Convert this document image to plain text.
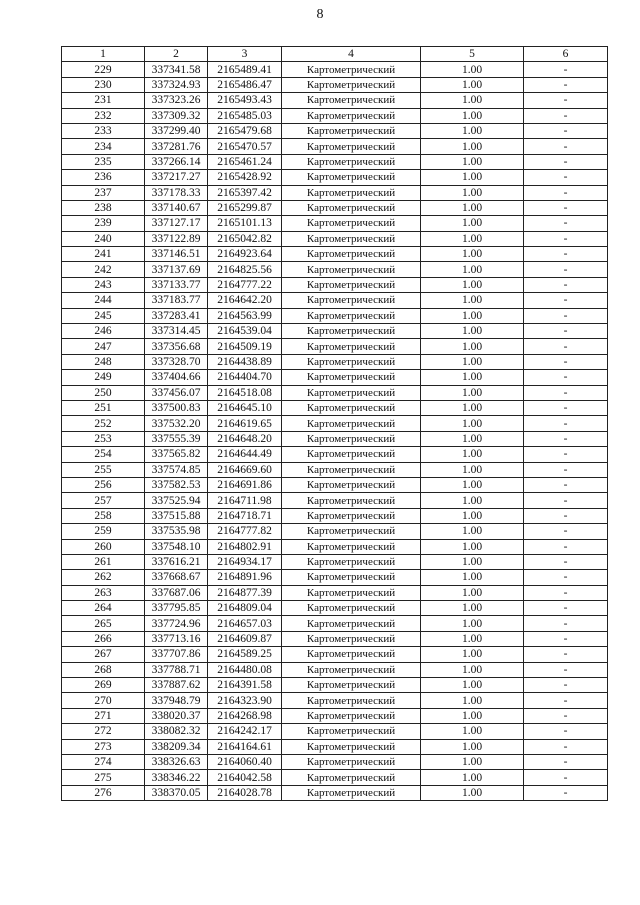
8
1	2	3	4	5	6
229	337341.58	2165489.41	Картометрический	1.00	-
230	337324.93	2165486.47	Картометрический	1.00	-
231	337323.26	2165493.43	Картометрический	1.00	-
232	337309.32	2165485.03	Картометрический	1.00	-
233	337299.40	2165479.68	Картометрический	1.00	-
234	337281.76	2165470.57	Картометрический	1.00	-
235	337266.14	2165461.24	Картометрический	1.00	-
236	337217.27	2165428.92	Картометрический	1.00	-
237	337178.33	2165397.42	Картометрический	1.00	-
238	337140.67	2165299.87	Картометрический	1.00	-
239	337127.17	2165101.13	Картометрический	1.00	-
240	337122.89	2165042.82	Картометрический	1.00	-
241	337146.51	2164923.64	Картометрический	1.00	-
242	337137.69	2164825.56	Картометрический	1.00	-
243	337133.77	2164777.22	Картометрический	1.00	-
244	337183.77	2164642.20	Картометрический	1.00	-
245	337283.41	2164563.99	Картометрический	1.00	-
246	337314.45	2164539.04	Картометрический	1.00	-
247	337356.68	2164509.19	Картометрический	1.00	-
248	337328.70	2164438.89	Картометрический	1.00	-
249	337404.66	2164404.70	Картометрический	1.00	-
250	337456.07	2164518.08	Картометрический	1.00	-
251	337500.83	2164645.10	Картометрический	1.00	-
252	337532.20	2164619.65	Картометрический	1.00	-
253	337555.39	2164648.20	Картометрический	1.00	-
254	337565.82	2164644.49	Картометрический	1.00	-
255	337574.85	2164669.60	Картометрический	1.00	-
256	337582.53	2164691.86	Картометрический	1.00	-
257	337525.94	2164711.98	Картометрический	1.00	-
258	337515.88	2164718.71	Картометрический	1.00	-
259	337535.98	2164777.82	Картометрический	1.00	-
260	337548.10	2164802.91	Картометрический	1.00	-
261	337616.21	2164934.17	Картометрический	1.00	-
262	337668.67	2164891.96	Картометрический	1.00	-
263	337687.06	2164877.39	Картометрический	1.00	-
264	337795.85	2164809.04	Картометрический	1.00	-
265	337724.96	2164657.03	Картометрический	1.00	-
266	337713.16	2164609.87	Картометрический	1.00	-
267	337707.86	2164589.25	Картометрический	1.00	-
268	337788.71	2164480.08	Картометрический	1.00	-
269	337887.62	2164391.58	Картометрический	1.00	-
270	337948.79	2164323.90	Картометрический	1.00	-
271	338020.37	2164268.98	Картометрический	1.00	-
272	338082.32	2164242.17	Картометрический	1.00	-
273	338209.34	2164164.61	Картометрический	1.00	-
274	338326.63	2164060.40	Картометрический	1.00	-
275	338346.22	2164042.58	Картометрический	1.00	-
276	338370.05	2164028.78	Картометрический	1.00	-
